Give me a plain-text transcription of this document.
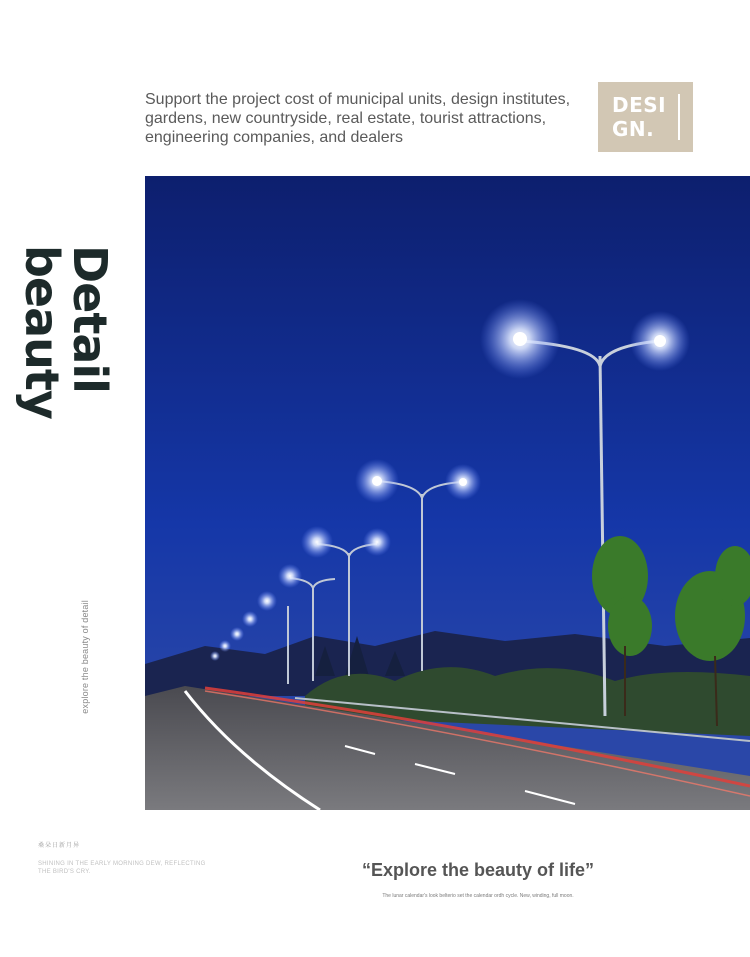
Support the project cost of municipal units, design institutes,
gardens, new countryside, real estate, tourist attractions,
engineering companies, and dealers
DESI
GN.
Detail
beauty
explore the beauty of detail
桑朵日新月异
SHINING IN THE EARLY MORNING DEW, REFLECTING THE BIRD'S CRY.	“Explore the beauty of life”
The lunar calendar's look belterio set the calendar ordh cycle. New, winding, full moon.
